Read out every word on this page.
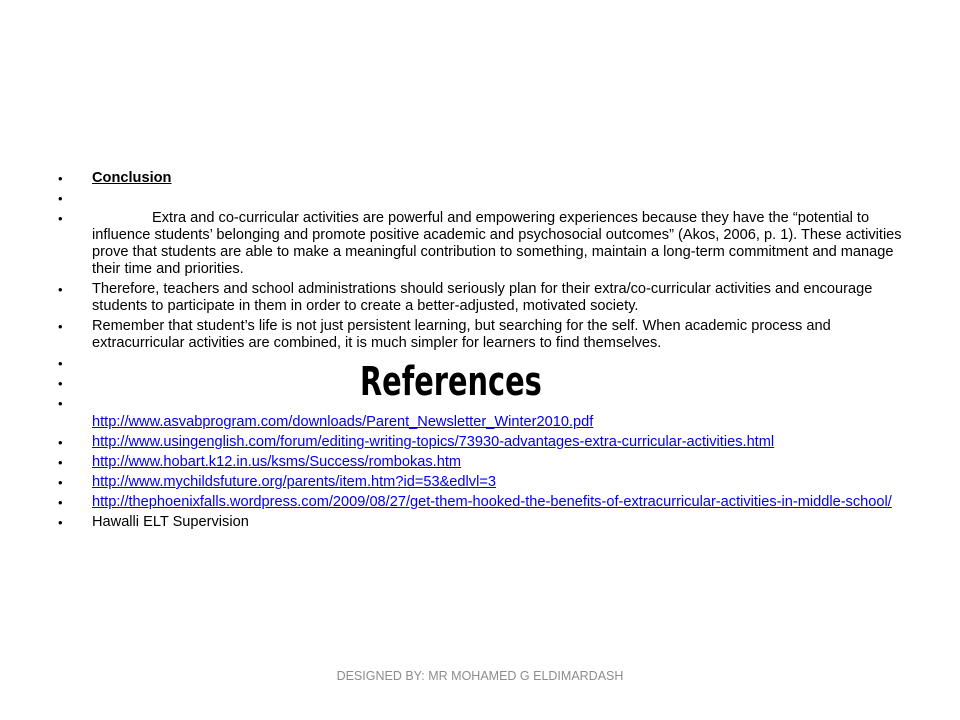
•	Conclusion
•
•	Extra and co-curricular activities are powerful and empowering experiences because they have the “potential to influence students’ belonging and promote positive academic and psychosocial outcomes” (Akos, 2006, p. 1). These activities prove that students are able to make a meaningful contribution to something, maintain a long-term commitment and manage their time and priorities.
•	Therefore, teachers and school administrations should seriously plan for their extra/co-curricular activities and encourage students to participate in them in order to create a better-adjusted, motivated society.
•	Remember that student’s life is not just persistent learning, but searching for the self. When academic process and extracurricular activities are combined, it is much simpler for learners to find themselves.
•
•
•

http://www.asvabprogram.com/downloads/Parent_Newsletter_Winter2010.pdf
•	http://www.usingenglish.com/forum/editing-writing-topics/73930-advantages-extra-curricular-activities.html
•	http://www.hobart.k12.in.us/ksms/Success/rombokas.htm
•	http://www.mychildsfuture.org/parents/item.htm?id=53&edlvl=3
•	http://thephoenixfalls.wordpress.com/2009/08/27/get-them-hooked-the-benefits-of-extracurricular-activities-in-middle-school/
•	Hawalli ELT Supervision
References
DESIGNED BY: MR MOHAMED G ELDIMARDASH
